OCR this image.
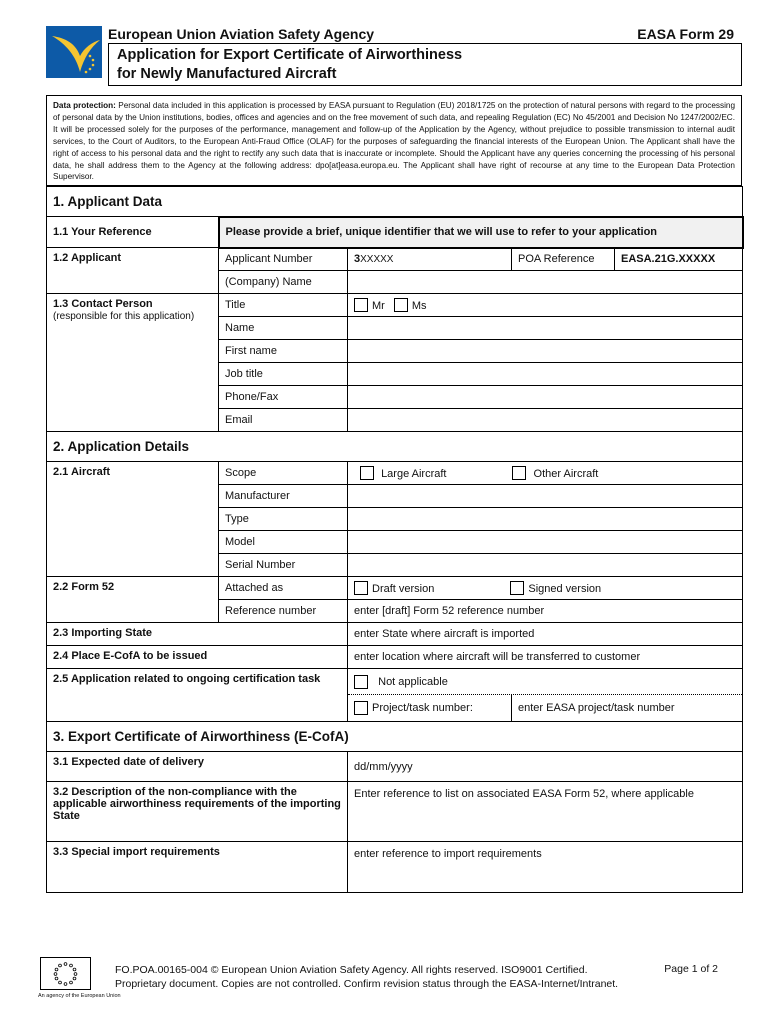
European Union Aviation Safety Agency	EASA Form 29
Application for Export Certificate of Airworthiness
for Newly Manufactured Aircraft
Data protection: Personal data included in this application is processed by EASA pursuant to Regulation (EU) 2018/1725 on the protection of natural persons with regard to the processing of personal data by the Union institutions, bodies, offices and agencies and on the free movement of such data, and repealing Regulation (EC) No 45/2001 and Decision No 1247/2002/EC. It will be processed solely for the purposes of the performance, management and follow-up of the Application by the Agency, without prejudice to possible transmission to internal audit services, to the Court of Auditors, to the European Anti-Fraud Office (OLAF) for the purposes of safeguarding the financial interests of the European Union. The Applicant shall have the right of access to his personal data and the right to rectify any such data that is inaccurate or incomplete. Should the Applicant have any queries concerning the processing of his personal data, he shall address them to the Agency at the following address: dpo[at]easa.europa.eu. The Applicant shall have right of recourse at any time to the European Data Protection Supervisor.
1. Applicant Data				
1.1 Your Reference	Please provide a brief, unique identifier that we will use to refer to your application			
1.2 Applicant	Applicant Number	3XXXXX	POA Reference	EASA.21G.XXXXX
	(Company) Name			
1.3 Contact Person
(responsible for this application)	Title	Mr Ms		
	Name			
	First name			
	Job title			
	Phone/Fax			
	Email			
2. Application Details				
2.1 Aircraft	Scope	Large Aircraft Other Aircraft		
	Manufacturer			
	Type			
	Model			
	Serial Number			
2.2 Form 52	Attached as	Draft version Signed version		
	Reference number	enter [draft] Form 52 reference number		
2.3 Importing State		enter State where aircraft is imported		
2.4 Place E-CofA to be issued		enter location where aircraft will be transferred to customer		
2.5 Application related to ongoing certification task		Not applicable
Project/task number: enter EASA project/task number		

3. Export Certificate of Airworthiness (E-CofA)				
3.1 Expected date of delivery		dd/mm/yyyy		
3.2 Description of the non-compliance with the applicable airworthiness requirements of the importing State		Enter reference to list on associated EASA Form 52, where applicable		
3.3 Special import requirements		enter reference to import requirements		
An agency of the European Union
FO.POA.00165-004 © European Union Aviation Safety Agency. All rights reserved. ISO9001 Certified.
Proprietary document. Copies are not controlled. Confirm revision status through the EASA-Internet/Intranet.
Page 1 of 2
